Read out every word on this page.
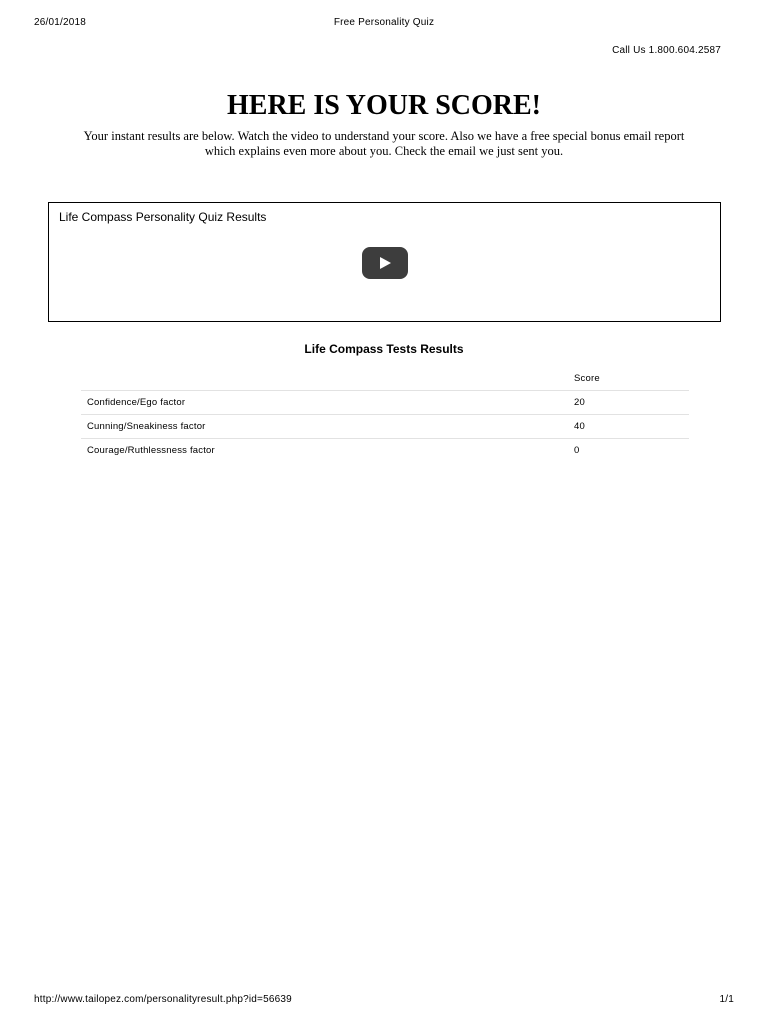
26/01/2018	Free Personality Quiz
Call Us 1.800.604.2587
HERE IS YOUR SCORE!

Your instant results are below. Watch the video to understand your score. Also we have a free special bonus email report
which explains even more about you. Check the email we just sent you.

Life Compass Personality Quiz Results
Life Compass Tests Results
	Score
Confidence/Ego factor	20
Cunning/Sneakiness factor	40
Courage/Ruthlessness factor	0
http://www.tailopez.com/personalityresult.php?id=56639	1/1
